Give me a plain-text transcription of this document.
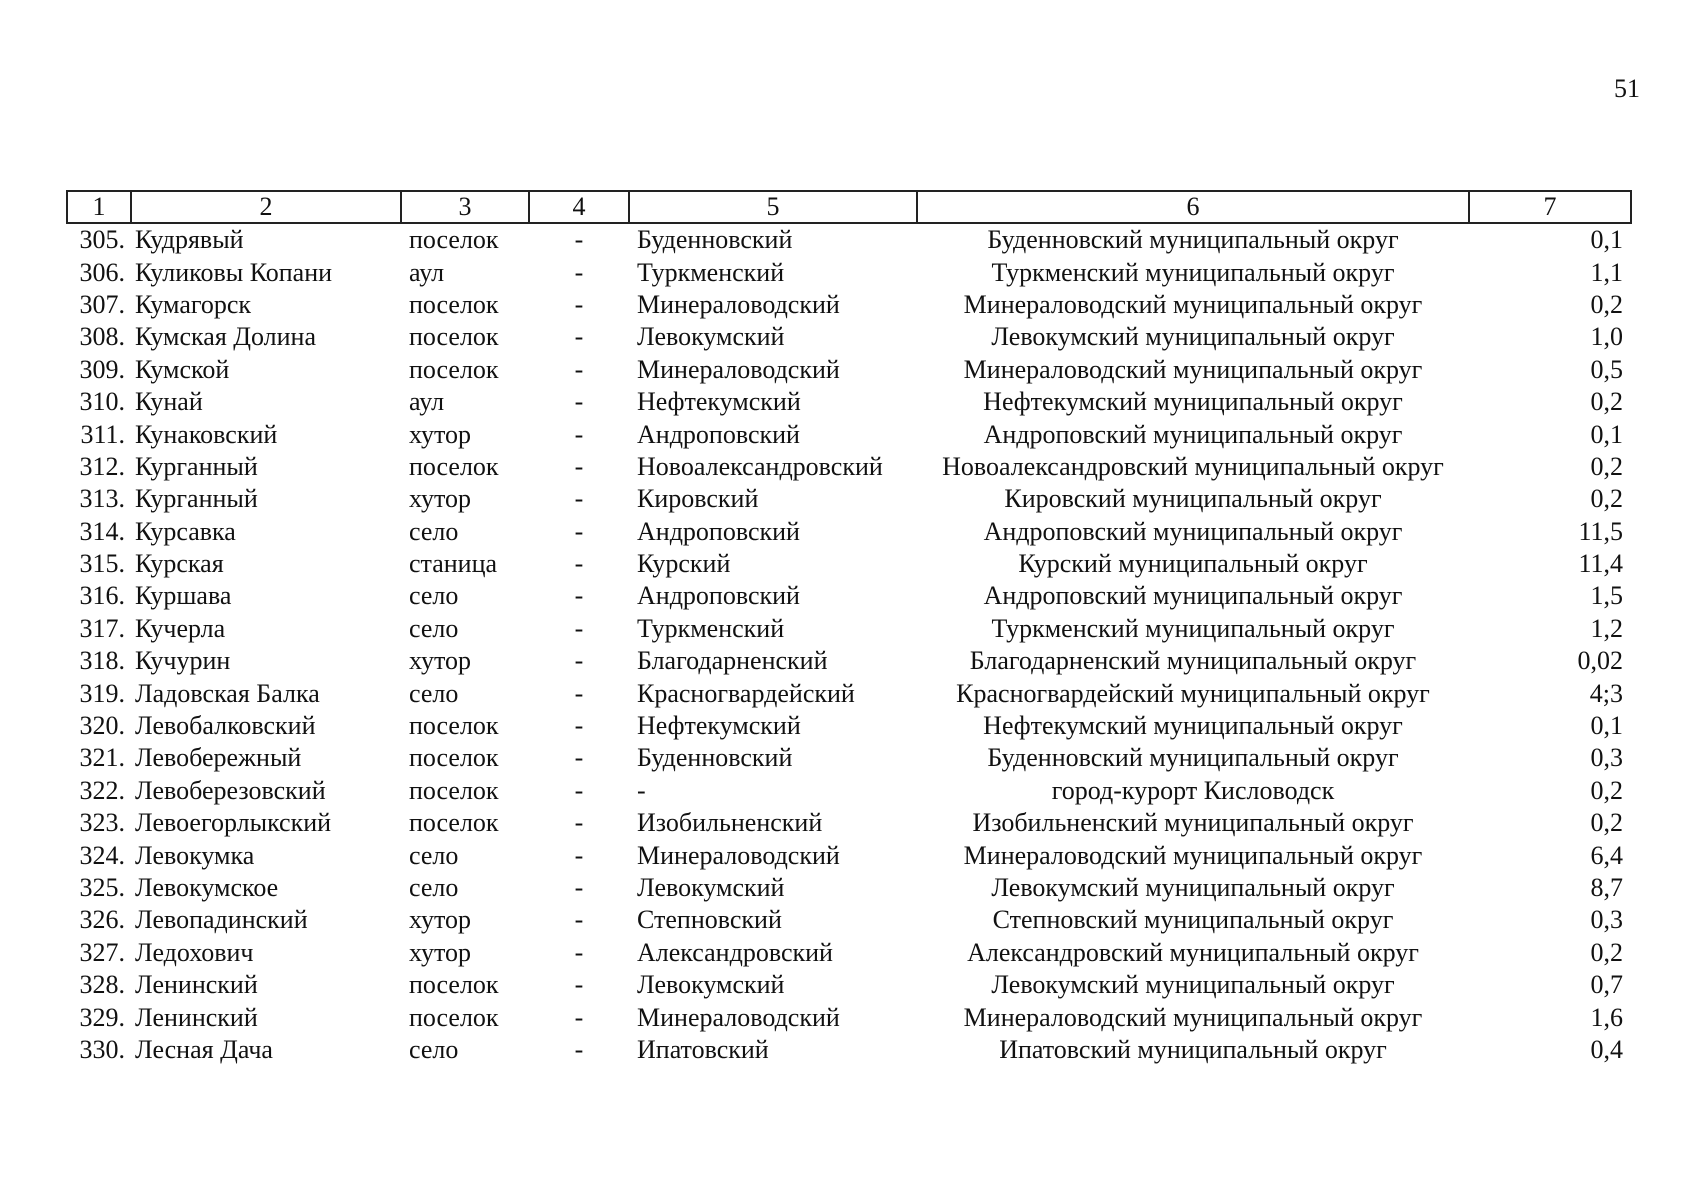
51
1	2	3	4	5	6	7
305.	Кудрявый	поселок	-	Буденновский	Буденновский муниципальный округ	0,1
306.	Куликовы Копани	аул	-	Туркменский	Туркменский муниципальный округ	1,1
307.	Кумагорск	поселок	-	Минераловодский	Минераловодский муниципальный округ	0,2
308.	Кумская Долина	поселок	-	Левокумский	Левокумский муниципальный округ	1,0
309.	Кумской	поселок	-	Минераловодский	Минераловодский муниципальный округ	0,5
310.	Кунай	аул	-	Нефтекумский	Нефтекумский муниципальный округ	0,2
311.	Кунаковский	хутор	-	Андроповский	Андроповский муниципальный округ	0,1
312.	Курганный	поселок	-	Новоалександровский	Новоалександровский муниципальный округ	0,2
313.	Курганный	хутор	-	Кировский	Кировский муниципальный округ	0,2
314.	Курсавка	село	-	Андроповский	Андроповский муниципальный округ	11,5
315.	Курская	станица	-	Курский	Курский муниципальный округ	11,4
316.	Куршава	село	-	Андроповский	Андроповский муниципальный округ	1,5
317.	Кучерла	село	-	Туркменский	Туркменский муниципальный округ	1,2
318.	Кучурин	хутор	-	Благодарненский	Благодарненский муниципальный округ	0,02
319.	Ладовская Балка	село	-	Красногвардейский	Красногвардейский муниципальный округ	4;3
320.	Левобалковский	поселок	-	Нефтекумский	Нефтекумский муниципальный округ	0,1
321.	Левобережный	поселок	-	Буденновский	Буденновский муниципальный округ	0,3
322.	Левоберезовский	поселок	-	-	город-курорт Кисловодск	0,2
323.	Левоегорлыкский	поселок	-	Изобильненский	Изобильненский муниципальный округ	0,2
324.	Левокумка	село	-	Минераловодский	Минераловодский муниципальный округ	6,4
325.	Левокумское	село	-	Левокумский	Левокумский муниципальный округ	8,7
326.	Левопадинский	хутор	-	Степновский	Степновский муниципальный округ	0,3
327.	Ледохович	хутор	-	Александровский	Александровский муниципальный округ	0,2
328.	Ленинский	поселок	-	Левокумский	Левокумский муниципальный округ	0,7
329.	Ленинский	поселок	-	Минераловодский	Минераловодский муниципальный округ	1,6
330.	Лесная Дача	село	-	Ипатовский	Ипатовский муниципальный округ	0,4
